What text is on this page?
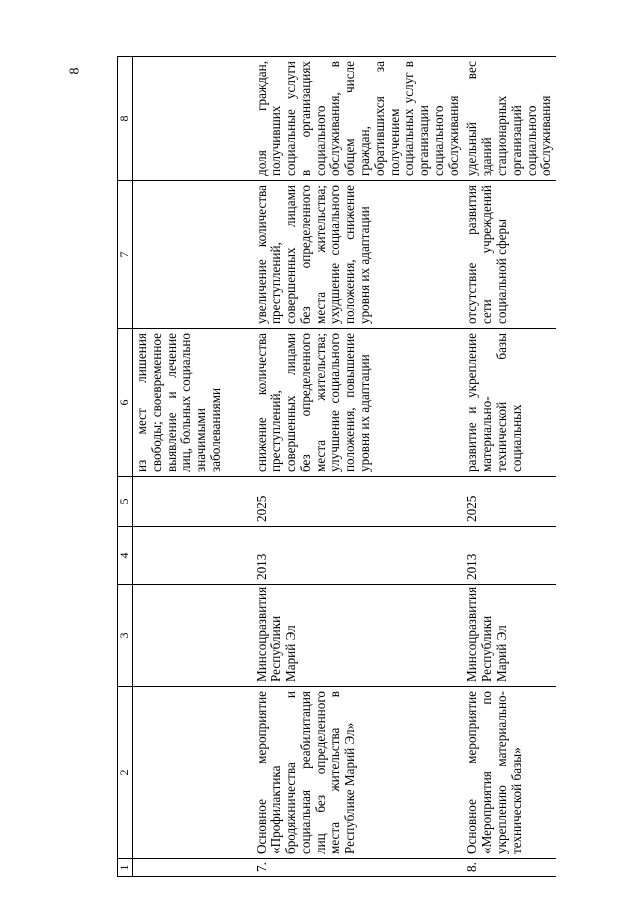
8
1	2	3	4	5	6	7	8
					из мест лишения свободы; своевременное выявление и лечение лиц, больных социально значимыми заболеваниями		
7.	Основное мероприятие «Профилактика бродяжничества и социальная реабилитация лиц без определенного места жительства в Республике Марий Эл»	Минсоцразвития Республики Марий Эл	2013	2025	снижение количества преступлений, совершенных лицами без определенного места жительства; улучшение социального положения, повышение уровня их адаптации	увеличение количества преступлений, совершенных лицами без определенного места жительства; ухудшение социального положения, снижение уровня их адаптации	доля граждан, получивших социальные услуги в организациях социального обслуживания, в общем числе граждан, обратившихся за получением социальных услуг в организации социального обслуживания
8.	Основное мероприятие «Мероприятия по укреплению материально-технической базы»	Минсоцразвития Республики Марий Эл	2013	2025	развитие и укрепление материально-технической базы социальных	отсутствие развития сети учреждений социальной сферы	удельный вес зданий стационарных организаций социального обслуживания
